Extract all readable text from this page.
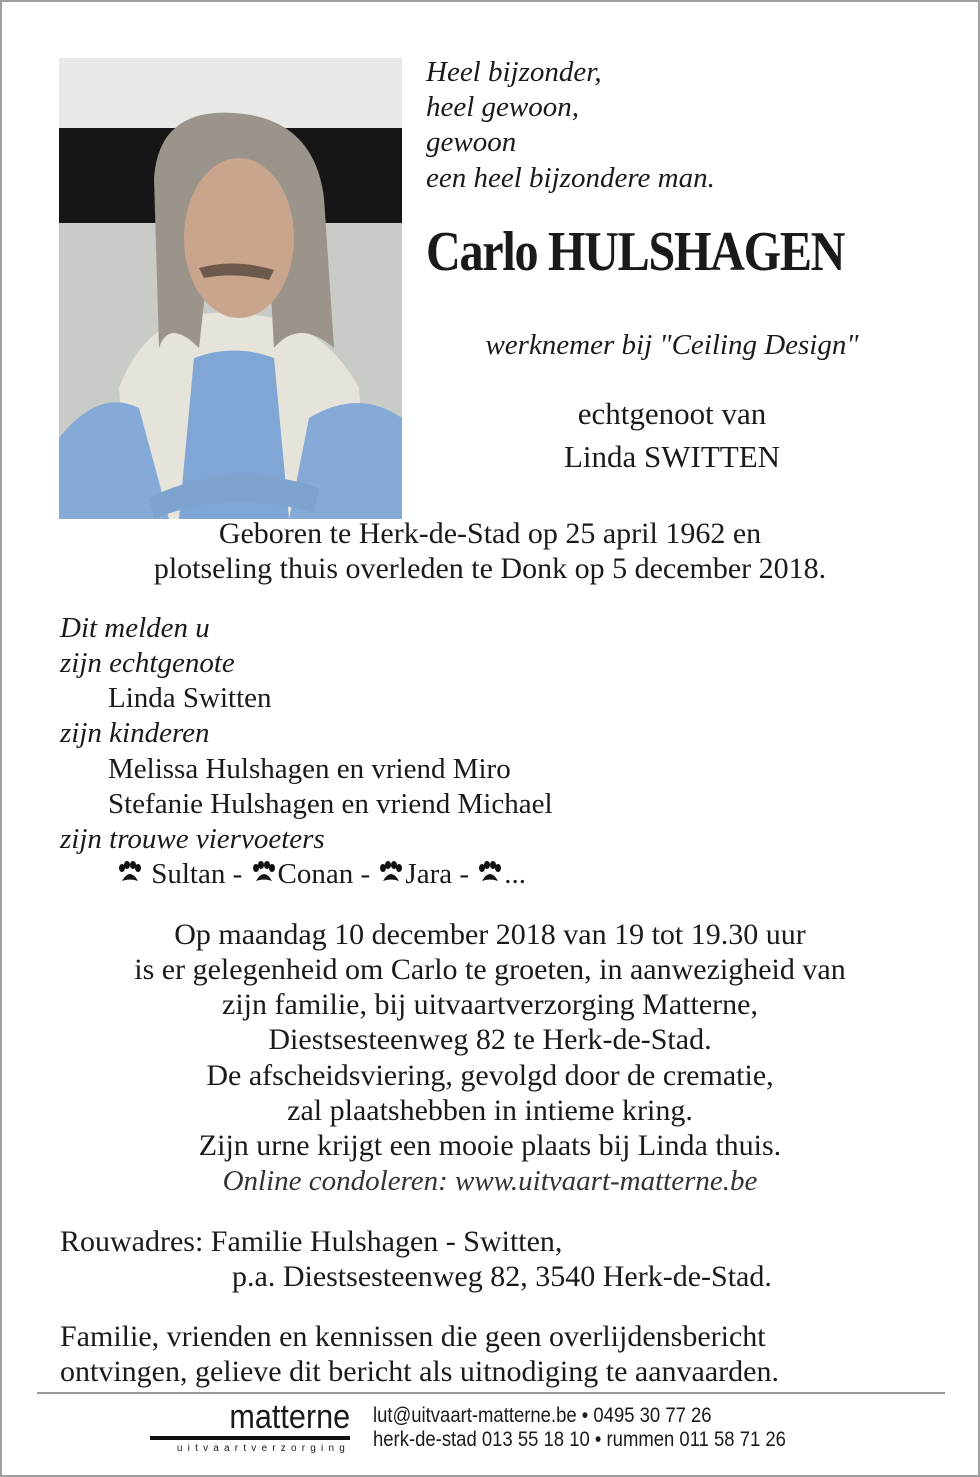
Heel bijzonder,
heel gewoon,
gewoon
een heel bijzondere man.
Carlo HULSHAGEN
werknemer bij "Ceiling Design"
echtgenoot van
Linda SWITTEN
Geboren te Herk-de-Stad op 25 april 1962 en
plotseling thuis overleden te Donk op 5 december 2018.
Dit melden u
zijn echtgenote
Linda Switten
zijn kinderen
Melissa Hulshagen en vriend Miro
Stefanie Hulshagen en vriend Michael
zijn trouwe viervoeters
Sultan - Conan - Jara - ...
Op maandag 10 december 2018 van 19 tot 19.30 uur
is er gelegenheid om Carlo te groeten, in aanwezigheid van
zijn familie, bij uitvaartverzorging Matterne,
Diestsesteenweg 82 te Herk-de-Stad.
De afscheidsviering, gevolgd door de crematie,
zal plaatshebben in intieme kring.
Zijn urne krijgt een mooie plaats bij Linda thuis.
Online condoleren: www.uitvaart-matterne.be
Rouwadres: Familie Hulshagen - Switten,
p.a. Diestsesteenweg 82, 3540 Herk-de-Stad.
Familie, vrienden en kennissen die geen overlijdensbericht
ontvingen, gelieve dit bericht als uitnodiging te aanvaarden.
matterne
uitvaartverzorging
lut@uitvaart-matterne.be • 0495 30 77 26
herk-de-stad 013 55 18 10 • rummen 011 58 71 26
